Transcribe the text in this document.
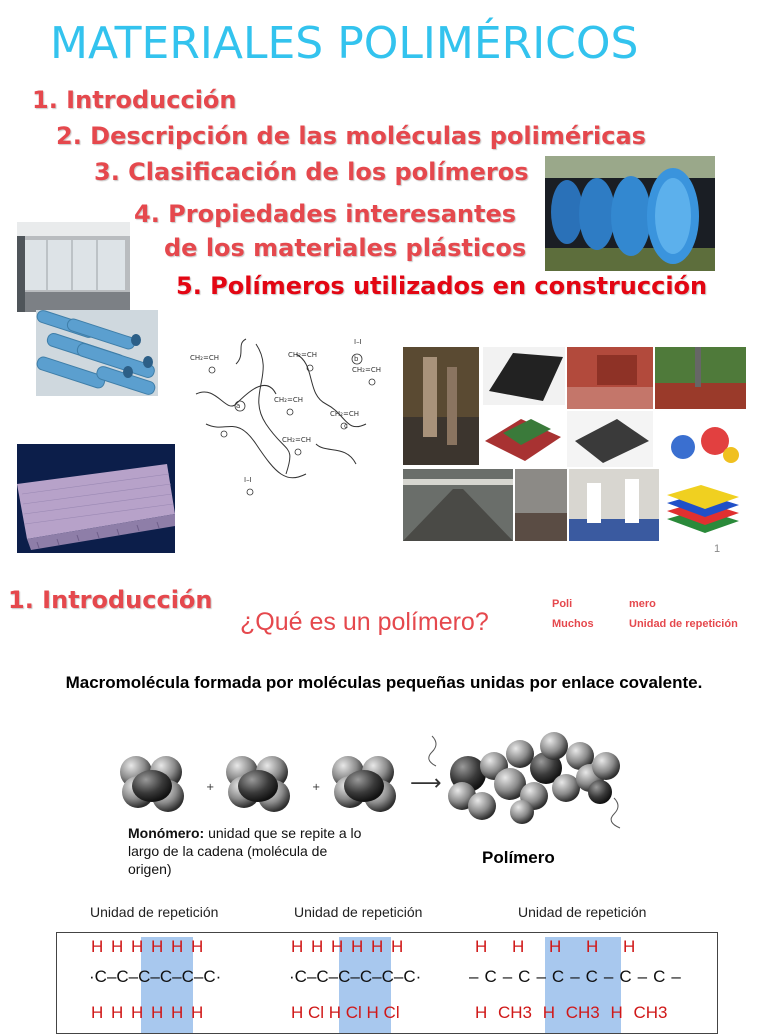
MATERIALES POLIMÉRICOS
1. Introducción
2. Descripción de las moléculas poliméricas
3. Clasificación de los polímeros
4. Propiedades interesantes
de los materiales plásticos
5. Polímeros utilizados en construcción
CH₂=CH	CH₂=CH
CH₂=CH
CH₂=CH
CH₂=CH
CH₂=CH
I–I
I–I
a
b
c
1
1. Introducción
¿Qué es un polímero?
Poli	mero
Muchos	Unidad de repetición
Macromolécula formada por moléculas pequeñas unidas por enlace covalente.
+	+	⟶
Monómero: unidad que se repite a lo largo de la cadena (molécula de origen)
Polímero
Unidad de repetición	Unidad de repetición	Unidad de repetición
H H H H H H
·C–C–C–C–C–C·
H H H H H H
H H H H H H
·C–C–C–C–C–C·
H Cl H Cl H Cl
H H H H H
–C–C–C–C–C–C–
H CH3 H CH3 H CH3
